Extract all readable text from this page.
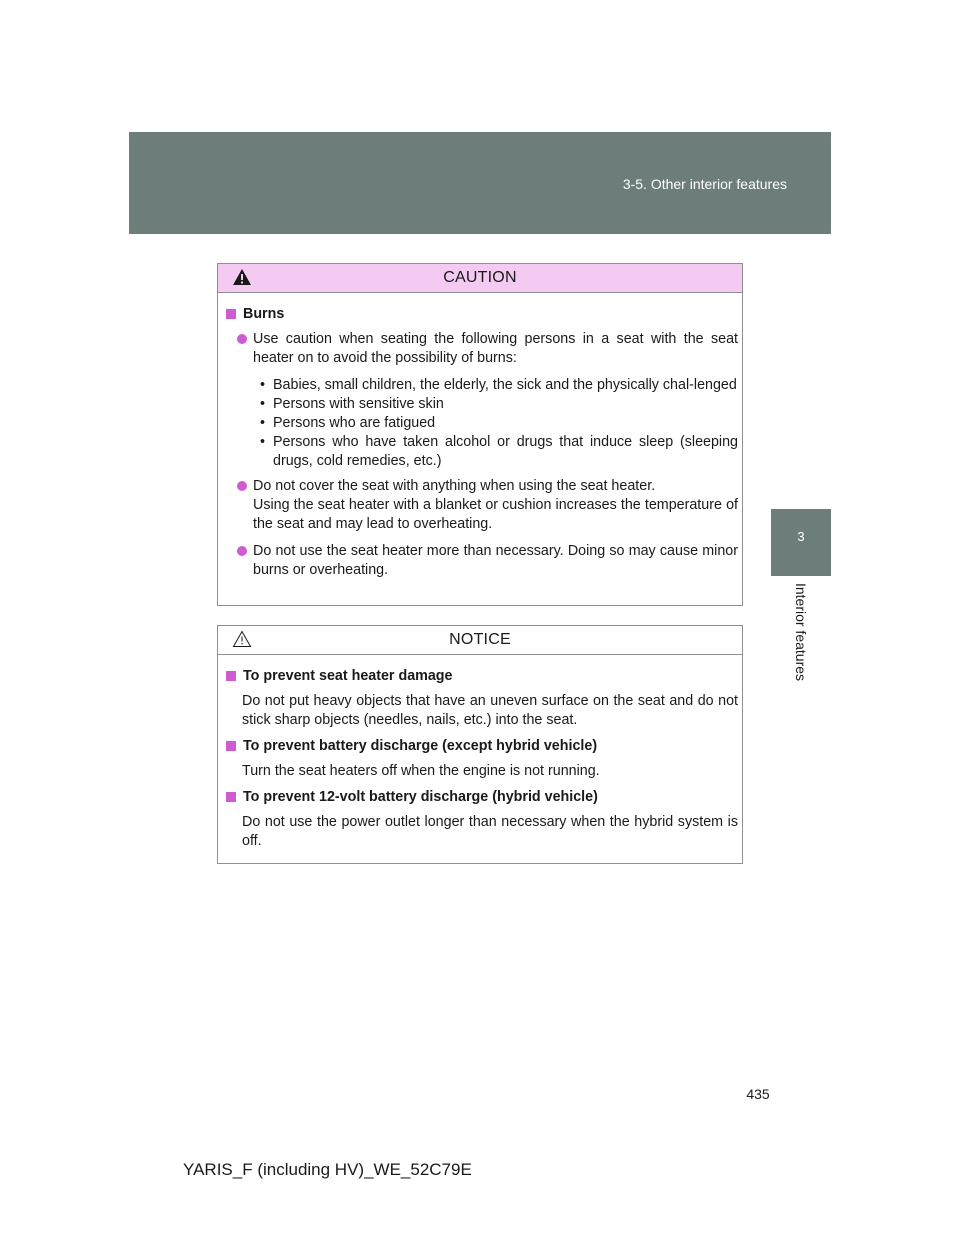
3-5. Other interior features
3
Interior features
CAUTION
Burns

Use caution when seating the following persons in a seat with the seat heater on to avoid the possibility of burns:

• Babies, small children, the elderly, the sick and the physically chal-lenged
• Persons with sensitive skin
• Persons who are fatigued
• Persons who have taken alcohol or drugs that induce sleep (sleeping drugs, cold remedies, etc.)

Do not cover the seat with anything when using the seat heater.

Using the seat heater with a blanket or cushion increases the temperature of the seat and may lead to overheating.

Do not use the seat heater more than necessary. Doing so may cause minor burns or overheating.

NOTICE
To prevent seat heater damage
Do not put heavy objects that have an uneven surface on the seat and do not stick sharp objects (needles, nails, etc.) into the seat.
To prevent battery discharge (except hybrid vehicle)
Turn the seat heaters off when the engine is not running.
To prevent 12-volt battery discharge (hybrid vehicle)
Do not use the power outlet longer than necessary when the hybrid system is off.
435
YARIS_F (including HV)_WE_52C79E
